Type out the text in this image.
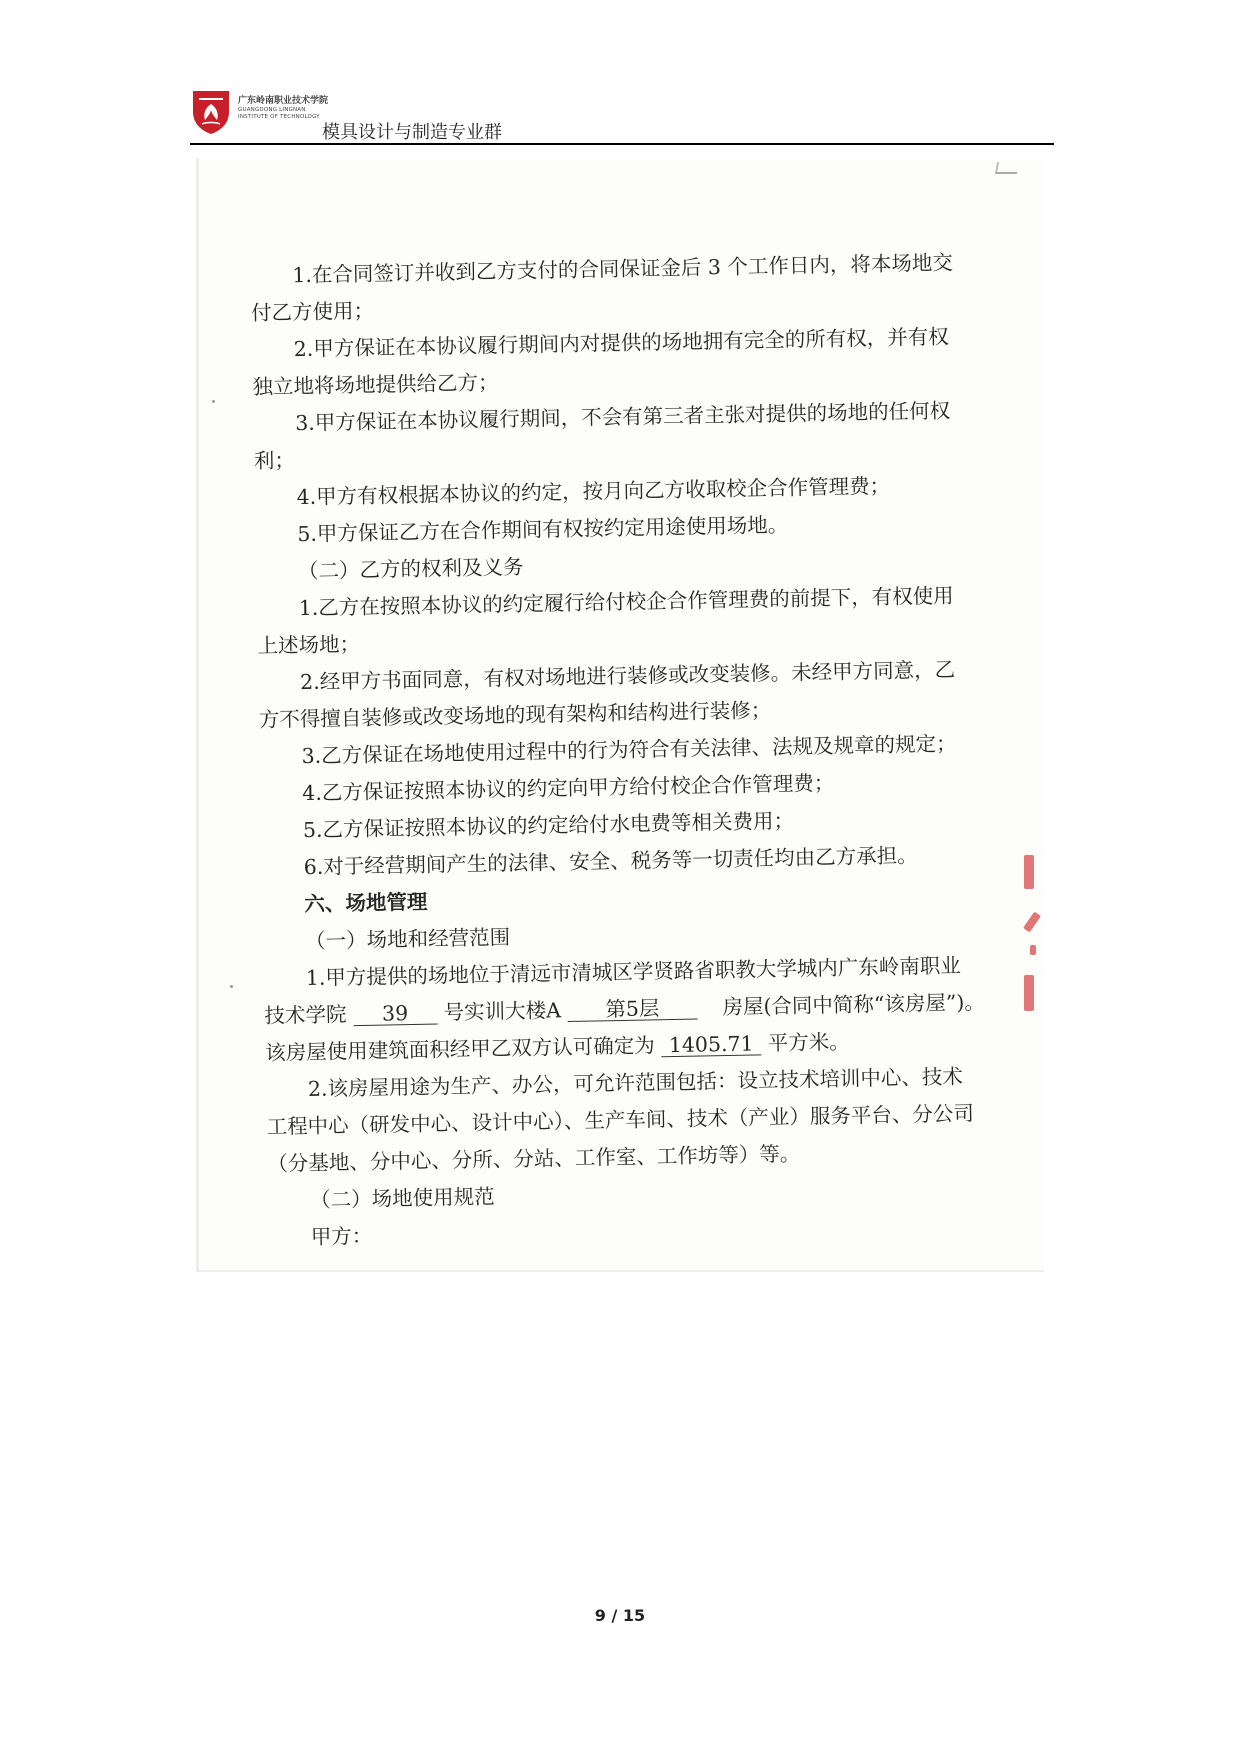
广东岭南职业技术学院
GUANGDONG LINGNAN
INSTITUTE OF TECHNOLOGY
模具设计与制造专业群
1.在合同签订并收到乙方支付的合同保证金后 3 个工作日内，将本场地交
付乙方使用；
2.甲方保证在本协议履行期间内对提供的场地拥有完全的所有权，并有权
独立地将场地提供给乙方；
3.甲方保证在本协议履行期间，不会有第三者主张对提供的场地的任何权
利；
4.甲方有权根据本协议的约定，按月向乙方收取校企合作管理费；
5.甲方保证乙方在合作期间有权按约定用途使用场地。
（二）乙方的权利及义务
1.乙方在按照本协议的约定履行给付校企合作管理费的前提下，有权使用
上述场地；
2.经甲方书面同意，有权对场地进行装修或改变装修。未经甲方同意，乙
方不得擅自装修或改变场地的现有架构和结构进行装修；
3.乙方保证在场地使用过程中的行为符合有关法律、法规及规章的规定；
4.乙方保证按照本协议的约定向甲方给付校企合作管理费；
5.乙方保证按照本协议的约定给付水电费等相关费用；
6.对于经营期间产生的法律、安全、税务等一切责任均由乙方承担。
六、场地管理
（一）场地和经营范围
1.甲方提供的场地位于清远市清城区学贤路省职教大学城内广东岭南职业
技术学院 39 号实训大楼A 第5层	房屋(合同中简称“该房屋”)。
该房屋使用建筑面积经甲乙双方认可确定为 1405.71 平方米。
2.该房屋用途为生产、办公，可允许范围包括：设立技术培训中心、技术
工程中心（研发中心、设计中心）、生产车间、技术（产业）服务平台、分公司
（分基地、分中心、分所、分站、工作室、工作坊等）等。
（二）场地使用规范
甲方：
9 / 15
